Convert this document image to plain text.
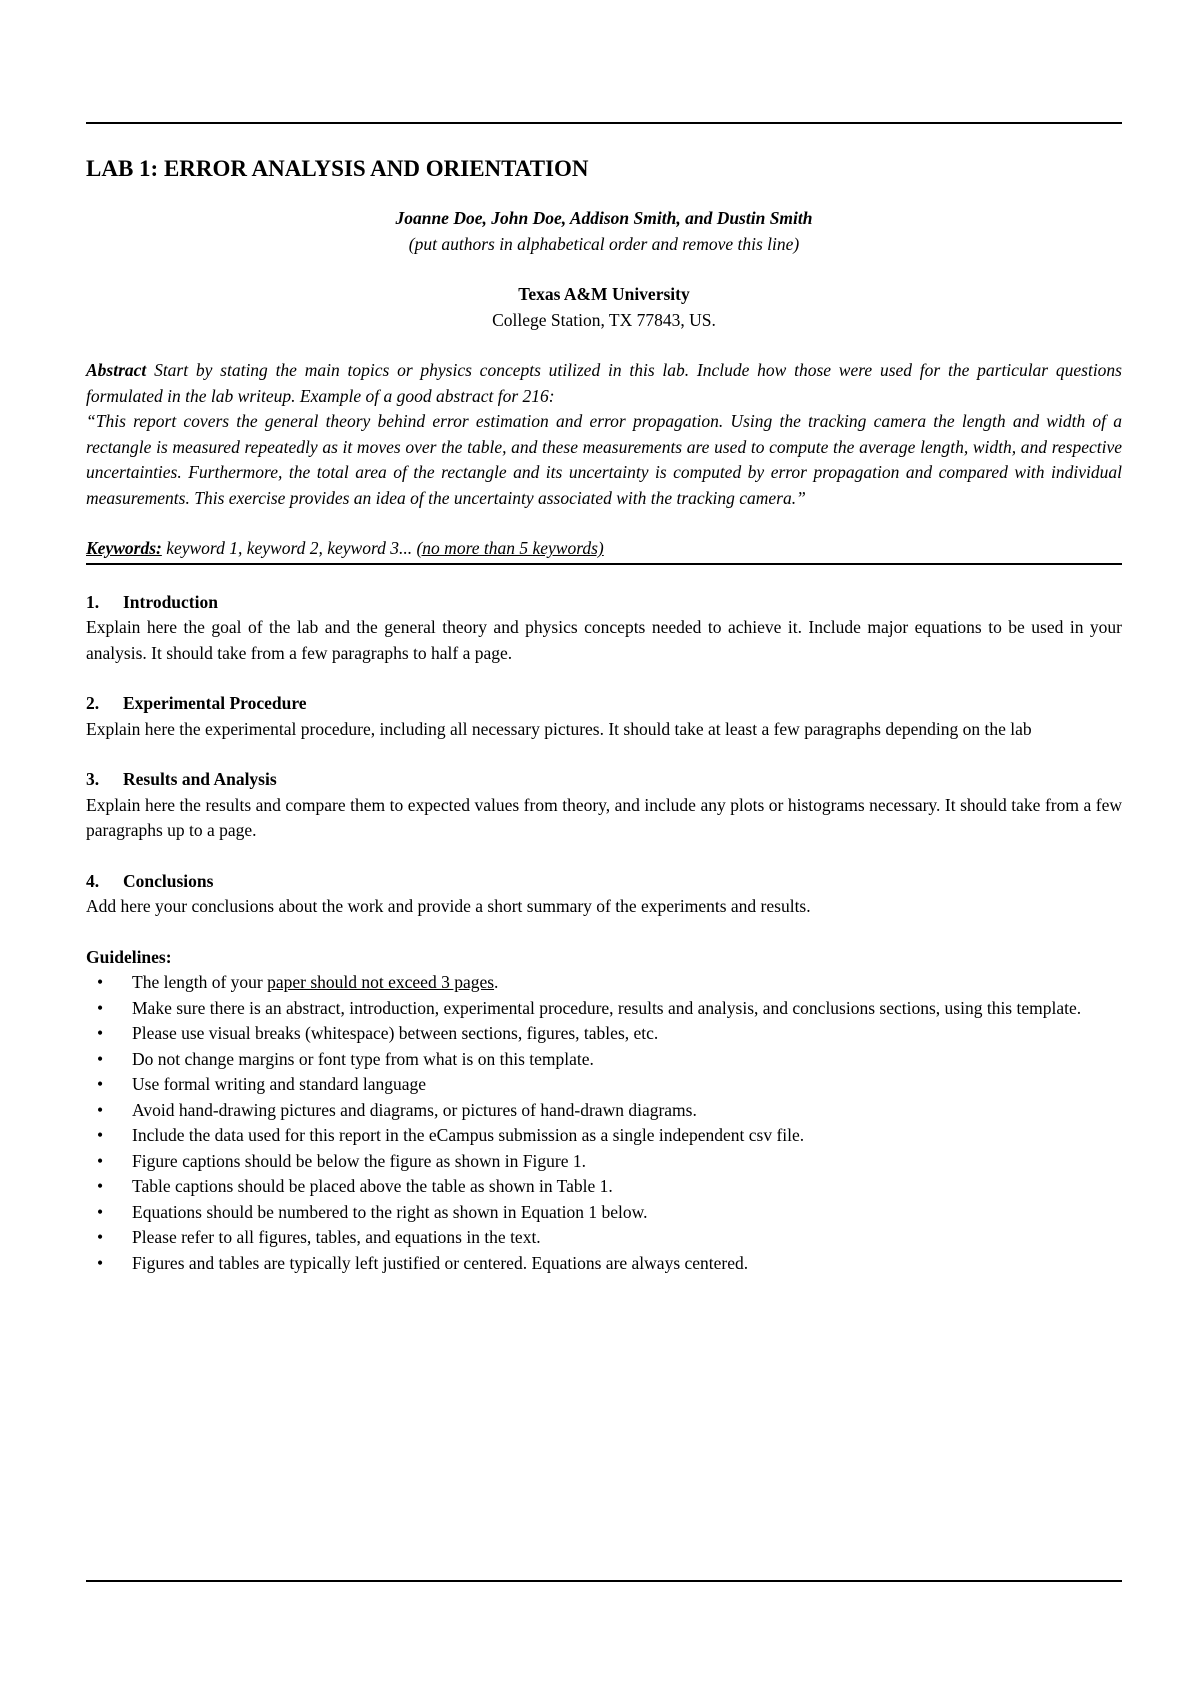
LAB 1: ERROR ANALYSIS AND ORIENTATION
Joanne Doe, John Doe, Addison Smith, and Dustin Smith
(put authors in alphabetical order and remove this line)
Texas A&M University
College Station, TX 77843, US.
Abstract Start by stating the main topics or physics concepts utilized in this lab. Include how those were used for the particular questions formulated in the lab writeup. Example of a good abstract for 216:
“This report covers the general theory behind error estimation and error propagation. Using the tracking camera the length and width of a rectangle is measured repeatedly as it moves over the table, and these measurements are used to compute the average length, width, and respective uncertainties. Furthermore, the total area of the rectangle and its uncertainty is computed by error propagation and compared with individual measurements. This exercise provides an idea of the uncertainty associated with the tracking camera.”
Keywords: keyword 1, keyword 2, keyword 3... (no more than 5 keywords)
1. Introduction
Explain here the goal of the lab and the general theory and physics concepts needed to achieve it. Include major equations to be used in your analysis. It should take from a few paragraphs to half a page.
2. Experimental Procedure
Explain here the experimental procedure, including all necessary pictures. It should take at least a few paragraphs depending on the lab
3. Results and Analysis
Explain here the results and compare them to expected values from theory, and include any plots or histograms necessary. It should take from a few paragraphs up to a page.
4. Conclusions
Add here your conclusions about the work and provide a short summary of the experiments and results.
Guidelines:
• The length of your paper should not exceed 3 pages.
• Make sure there is an abstract, introduction, experimental procedure, results and analysis, and conclusions sections, using this template.
• Please use visual breaks (whitespace) between sections, figures, tables, etc.
• Do not change margins or font type from what is on this template.
• Use formal writing and standard language
• Avoid hand-drawing pictures and diagrams, or pictures of hand-drawn diagrams.
• Include the data used for this report in the eCampus submission as a single independent csv file.
• Figure captions should be below the figure as shown in Figure 1.
• Table captions should be placed above the table as shown in Table 1.
• Equations should be numbered to the right as shown in Equation 1 below.
• Please refer to all figures, tables, and equations in the text.
• Figures and tables are typically left justified or centered. Equations are always centered.
